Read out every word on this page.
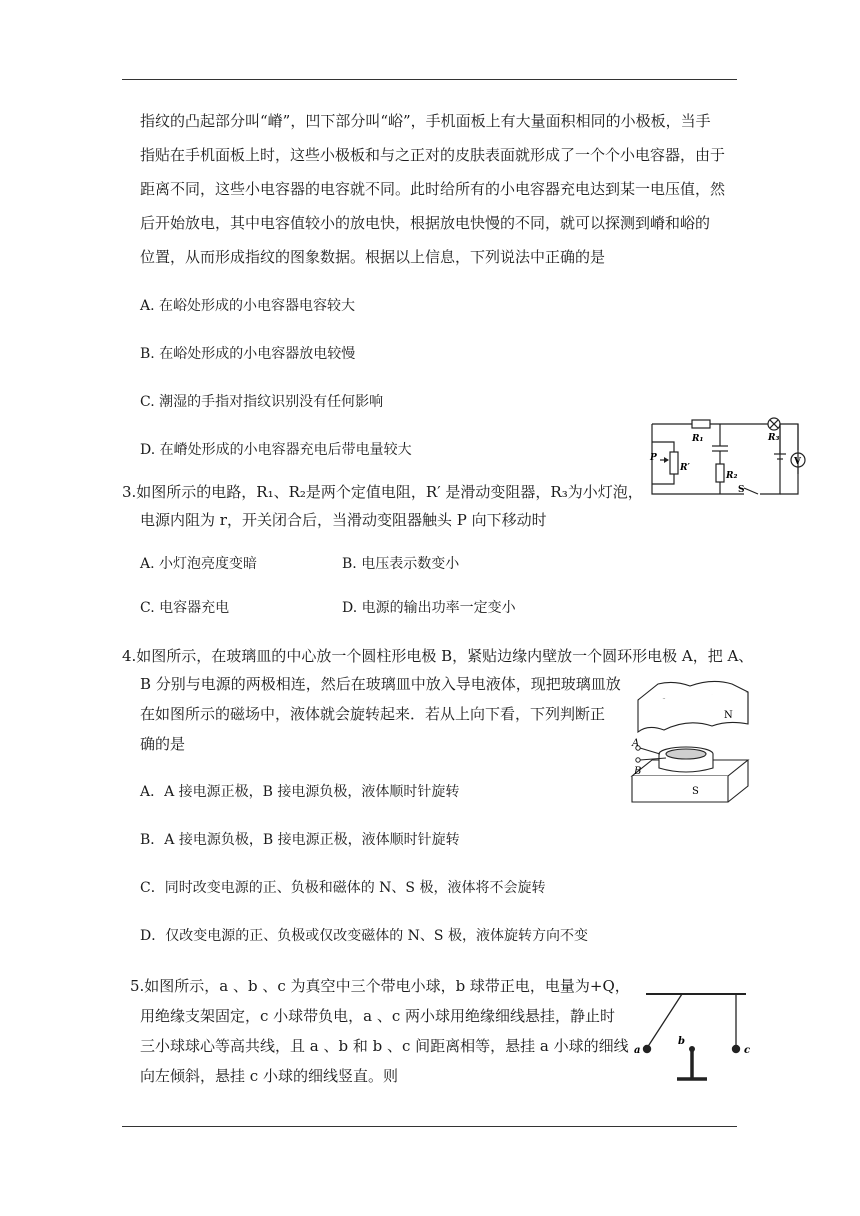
指纹的凸起部分叫“嵴”，凹下部分叫“峪”，手机面板上有大量面积相同的小极板，当手
指贴在手机面板上时，这些小极板和与之正对的皮肤表面就形成了一个个小电容器，由于
距离不同，这些小电容器的电容就不同。此时给所有的小电容器充电达到某一电压值，然
后开始放电，其中电容值较小的放电快，根据放电快慢的不同，就可以探测到嵴和峪的
位置，从而形成指纹的图象数据。根据以上信息，下列说法中正确的是
A. 在峪处形成的小电容器电容较大
B. 在峪处形成的小电容器放电较慢
C. 潮湿的手指对指纹识别没有任何影响
D. 在嵴处形成的小电容器充电后带电量较大
3.如图所示的电路，R₁、R₂是两个定值电阻，R′ 是滑动变阻器，R₃为小灯泡，
电源内阻为 r，开关闭合后，当滑动变阻器触头 P 向下移动时
A. 小灯泡亮度变暗	B. 电压表示数变小
C. 电容器充电	D. 电源的输出功率一定变小
R₁	R₃
R′
P
R₂
S
V
4.如图所示，在玻璃皿的中心放一个圆柱形电极 B，紧贴边缘内壁放一个圆环形电极 A，把 A、
B 分别与电源的两极相连，然后在玻璃皿中放入导电液体，现把玻璃皿放
在如图所示的磁场中，液体就会旋转起来．若从上向下看，下列判断正
确的是
A．A 接电源正极，B 接电源负极，液体顺时针旋转
B．A 接电源负极，B 接电源正极，液体顺时针旋转
C．同时改变电源的正、负极和磁体的 N、S 极，液体将不会旋转
D．仅改变电源的正、负极或仅改变磁体的 N、S 极，液体旋转方向不变
N
S
A
B
5.如图所示，a 、b 、c 为真空中三个带电小球，b 球带正电，电量为+Q，
用绝缘支架固定，c 小球带负电，a 、c 两小球用绝缘细线悬挂，静止时
三小球球心等高共线，且 a 、b 和 b 、c 间距离相等，悬挂 a 小球的细线
向左倾斜，悬挂 c 小球的细线竖直。则
a
b
c
